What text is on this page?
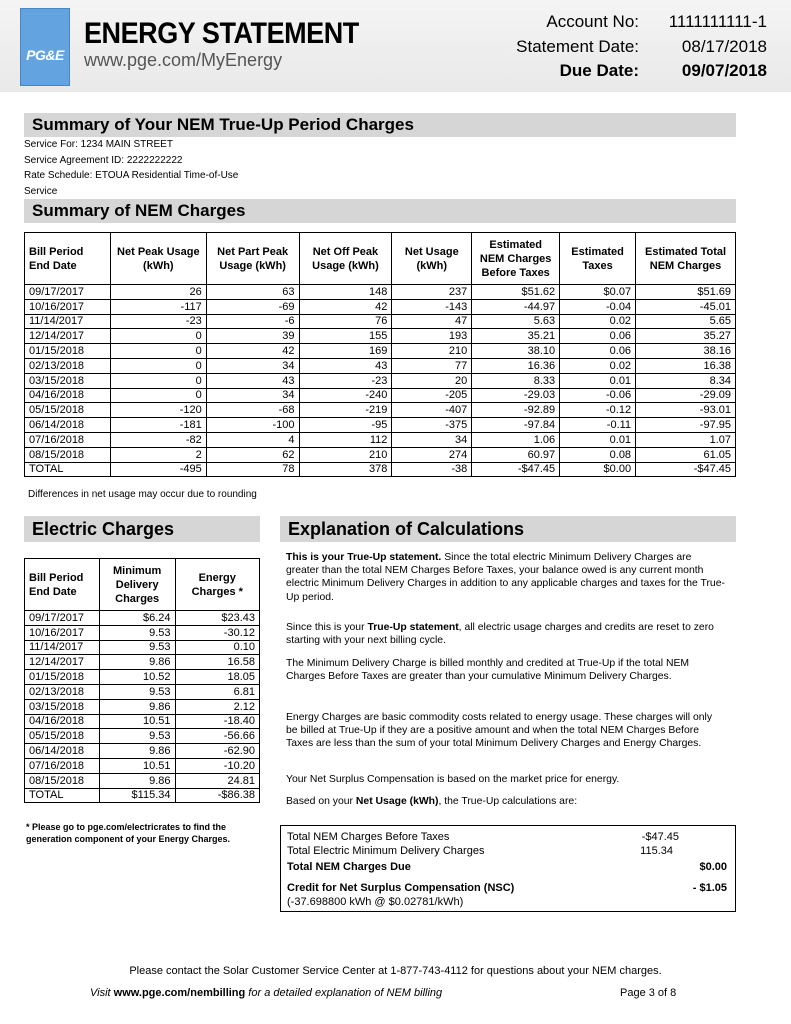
PG&E
ENERGY STATEMENT
www.pge.com/MyEnergy
Account No: 1111111111-1
Statement Date:	08/17/2018
Due Date:	09/07/2018
Summary of Your NEM True-Up Period Charges
Service For: 1234 MAIN STREET
Service Agreement ID: 2222222222
Rate Schedule: ETOUA Residential Time-of-Use
Service
Summary of NEM Charges
Bill Period End Date	Net Peak Usage (kWh)	Net Part Peak Usage (kWh)	Net Off Peak Usage (kWh)	Net Usage (kWh)	Estimated NEM Charges Before Taxes	Estimated Taxes	Estimated Total NEM Charges
09/17/2017	26	63	148	237	$51.62	$0.07	$51.69
10/16/2017	-117	-69	42	-143	-44.97	-0.04	-45.01
11/14/2017	-23	-6	76	47	5.63	0.02	5.65
12/14/2017	0	39	155	193	35.21	0.06	35.27
01/15/2018	0	42	169	210	38.10	0.06	38.16
02/13/2018	0	34	43	77	16.36	0.02	16.38
03/15/2018	0	43	-23	20	8.33	0.01	8.34
04/16/2018	0	34	-240	-205	-29.03	-0.06	-29.09
05/15/2018	-120	-68	-219	-407	-92.89	-0.12	-93.01
06/14/2018	-181	-100	-95	-375	-97.84	-0.11	-97.95
07/16/2018	-82	4	112	34	1.06	0.01	1.07
08/15/2018	2	62	210	274	60.97	0.08	61.05
TOTAL	-495	78	378	-38	-$47.45	$0.00	-$47.45
Differences in net usage may occur due to rounding
Electric Charges
Bill Period End Date	Minimum Delivery Charges	Energy Charges *
09/17/2017	$6.24	$23.43
10/16/2017	9.53	-30.12
11/14/2017	9.53	0.10
12/14/2017	9.86	16.58
01/15/2018	10.52	18.05
02/13/2018	9.53	6.81
03/15/2018	9.86	2.12
04/16/2018	10.51	-18.40
05/15/2018	9.53	-56.66
06/14/2018	9.86	-62.90
07/16/2018	10.51	-10.20
08/15/2018	9.86	24.81
TOTAL	$115.34	-$86.38
* Please go to pge.com/electricrates to find the
generation component of your Energy Charges.
Explanation of Calculations
This is your True-Up statement. Since the total electric Minimum Delivery Charges are greater than the total NEM Charges Before Taxes, your balance owed is any current month electric Minimum Delivery Charges in addition to any applicable charges and taxes for the True-Up period.
Since this is your True-Up statement, all electric usage charges and credits are reset to zero starting with your next billing cycle.
The Minimum Delivery Charge is billed monthly and credited at True-Up if the total NEM Charges Before Taxes are greater than your cumulative Minimum Delivery Charges.
Energy Charges are basic commodity costs related to energy usage. These charges will only be billed at True-Up if they are a positive amount and when the total NEM Charges Before Taxes are less than the sum of your total Minimum Delivery Charges and Energy Charges.
Your Net Surplus Compensation is based on the market price for energy.
Based on your Net Usage (kWh), the True-Up calculations are:
Total NEM Charges Before Taxes	-$47.45
Total Electric Minimum Delivery Charges	115.34
Total NEM Charges Due	$0.00
Credit for Net Surplus Compensation (NSC)	- $1.05
(-37.698800 kWh @ $0.02781/kWh)
Please contact the Solar Customer Service Center at 1-877-743-4112 for questions about your NEM charges.
Visit www.pge.com/nembilling for a detailed explanation of NEM billing	Page 3 of 8
